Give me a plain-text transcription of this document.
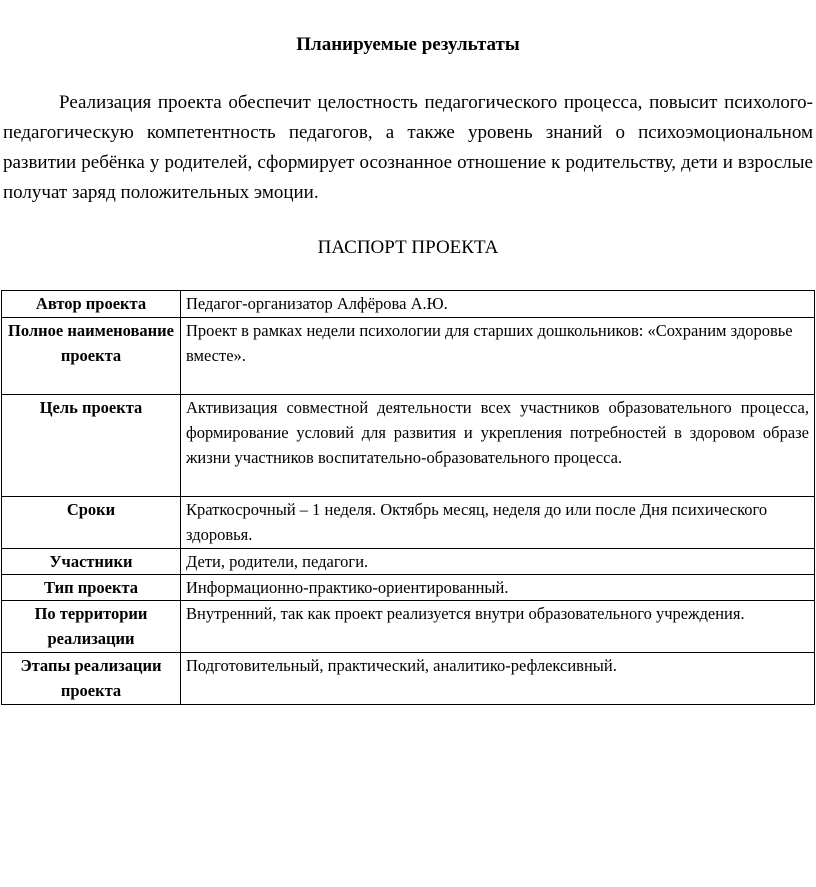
Планируемые результаты

Реализация проекта обеспечит целостность педагогического процесса, повысит психолого- педагогическую компетентность педагогов, а также уровень знаний о психоэмоциональном развитии ребёнка у родителей, сформирует осознанное отношение к родительству, дети и взрослые получат заряд положительных эмоции.

ПАСПОРТ ПРОЕКТА
Автор проекта	Педагог-организатор Алфёрова А.Ю.
Полное наименование проекта	Проект в рамках недели психологии для старших дошкольников: «Сохраним здоровье вместе».
Цель проекта	Активизация совместной деятельности всех участников образовательного процесса, формирование условий для развития и укрепления потребностей в здоровом образе жизни участников воспитательно-образовательного процесса.
Сроки	Краткосрочный – 1 неделя. Октябрь месяц, неделя до или после Дня психического здоровья.
Участники	Дети, родители, педагоги.
Тип проекта	Информационно-практико-ориентированный.
По территории реализации	Внутренний, так как проект реализуется внутри образовательного учреждения.
Этапы реализации проекта	Подготовительный, практический, аналитико-рефлексивный.
